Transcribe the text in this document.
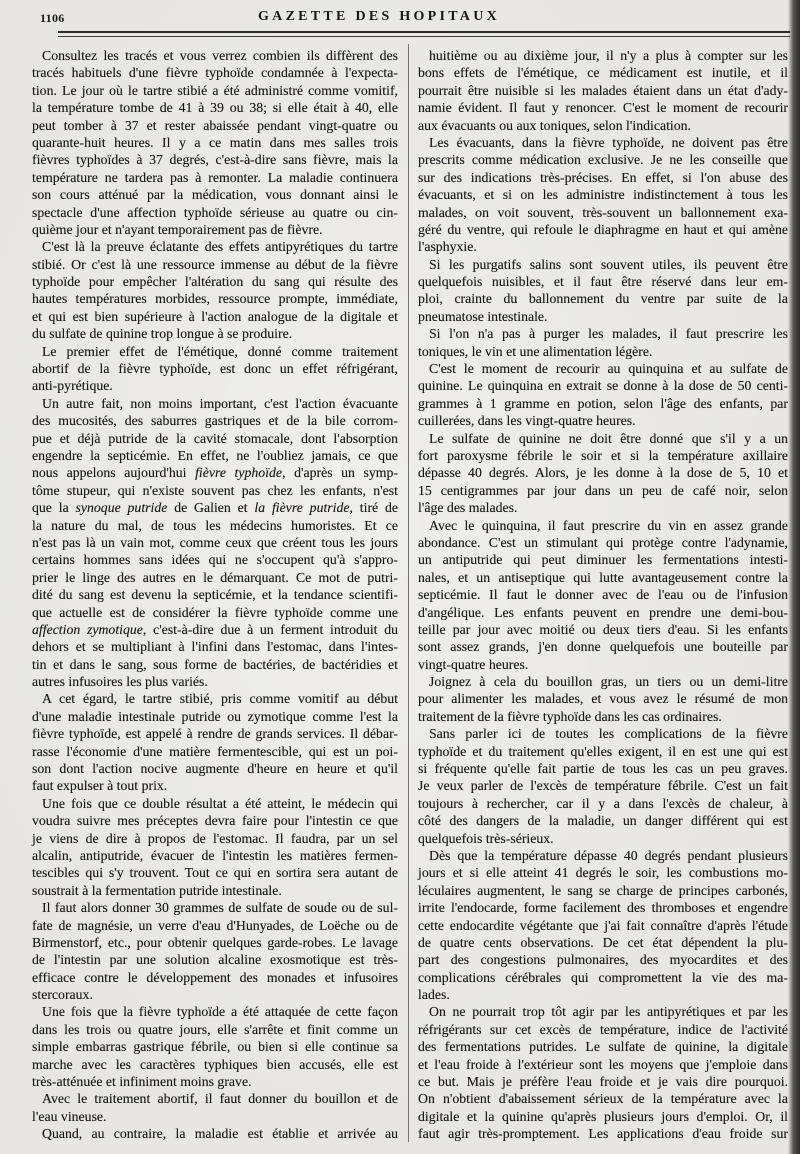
1106	GAZETTE DES HOPITAUX
Consultez les tracés et vous verrez combien ils diffèrent des
tracés habituels d'une fièvre typhoïde condamnée à l'expecta-
tion. Le jour où le tartre stibié a été administré comme vomitif,
la température tombe de 41 à 39 ou 38; si elle était à 40, elle
peut tomber à 37 et rester abaissée pendant vingt-quatre ou
quarante-huit heures. Il y a ce matin dans mes salles trois
fièvres typhoïdes à 37 degrés, c'est-à-dire sans fièvre, mais la
température ne tardera pas à remonter. La maladie continuera
son cours atténué par la médication, vous donnant ainsi le
spectacle d'une affection typhoïde sérieuse au quatre ou cin-
quième jour et n'ayant temporairement pas de fièvre.
C'est là la preuve éclatante des effets antipyrétiques du tartre
stibié. Or c'est là une ressource immense au début de la fièvre
typhoïde pour empêcher l'altération du sang qui résulte des
hautes températures morbides, ressource prompte, immédiate,
et qui est bien supérieure à l'action analogue de la digitale et
du sulfate de quinine trop longue à se produire.
Le premier effet de l'émétique, donné comme traitement
abortif de la fièvre typhoïde, est donc un effet réfrigérant,
anti-pyrétique.
Un autre fait, non moins important, c'est l'action évacuante
des mucosités, des saburres gastriques et de la bile corrom-
pue et déjà putride de la cavité stomacale, dont l'absorption
engendre la septicémie. En effet, ne l'oubliez jamais, ce que
nous appelons aujourd'hui fièvre typhoïde, d'après un symp-
tôme stupeur, qui n'existe souvent pas chez les enfants, n'est
que la synoque putride de Galien et la fièvre putride, tiré de
la nature du mal, de tous les médecins humoristes. Et ce
n'est pas là un vain mot, comme ceux que créent tous les jours
certains hommes sans idées qui ne s'occupent qu'à s'appro-
prier le linge des autres en le démarquant. Ce mot de putri-
dité du sang est devenu la septicémie, et la tendance scientifi-
que actuelle est de considérer la fièvre typhoïde comme une
affection zymotique, c'est-à-dire due à un ferment introduit du
dehors et se multipliant à l'infini dans l'estomac, dans l'intes-
tin et dans le sang, sous forme de bactéries, de bactéridies et
autres infusoires les plus variés.
A cet égard, le tartre stibié, pris comme vomitif au début
d'une maladie intestinale putride ou zymotique comme l'est la
fièvre typhoïde, est appelé à rendre de grands services. Il débar-
rasse l'économie d'une matière fermentescible, qui est un poi-
son dont l'action nocive augmente d'heure en heure et qu'il
faut expulser à tout prix.
Une fois que ce double résultat a été atteint, le médecin qui
voudra suivre mes préceptes devra faire pour l'intestin ce que
je viens de dire à propos de l'estomac. Il faudra, par un sel
alcalin, antiputride, évacuer de l'intestin les matières fermen-
tescibles qui s'y trouvent. Tout ce qui en sortira sera autant de
soustrait à la fermentation putride intestinale.
Il faut alors donner 30 grammes de sulfate de soude ou de sul-
fate de magnésie, un verre d'eau d'Hunyades, de Loëche ou de
Birmenstorf, etc., pour obtenir quelques garde-robes. Le lavage
de l'intestin par une solution alcaline exosmotique est très-
efficace contre le développement des monades et infusoires
stercoraux.
Une fois que la fièvre typhoïde a été attaquée de cette façon
dans les trois ou quatre jours, elle s'arrête et finit comme un
simple embarras gastrique fébrile, ou bien si elle continue sa
marche avec les caractères typhiques bien accusés, elle est
très-atténuée et infiniment moins grave.
Avec le traitement abortif, il faut donner du bouillon et de
l'eau vineuse.
Quand, au contraire, la maladie est établie et arrivée au
huitième ou au dixième jour, il n'y a plus à compter sur les
bons effets de l'émétique, ce médicament est inutile, et il
pourrait être nuisible si les malades étaient dans un état d'ady-
namie évident. Il faut y renoncer. C'est le moment de recourir
aux évacuants ou aux toniques, selon l'indication.
Les évacuants, dans la fièvre typhoïde, ne doivent pas être
prescrits comme médication exclusive. Je ne les conseille que
sur des indications très-précises. En effet, si l'on abuse des
évacuants, et si on les administre indistinctement à tous les
malades, on voit souvent, très-souvent un ballonnement exa-
géré du ventre, qui refoule le diaphragme en haut et qui amène
l'asphyxie.
Si les purgatifs salins sont souvent utiles, ils peuvent être
quelquefois nuisibles, et il faut être réservé dans leur em-
ploi, crainte du ballonnement du ventre par suite de la
pneumatose intestinale.
Si l'on n'a pas à purger les malades, il faut prescrire les
toniques, le vin et une alimentation légère.
C'est le moment de recourir au quinquina et au sulfate de
quinine. Le quinquina en extrait se donne à la dose de 50 centi-
grammes à 1 gramme en potion, selon l'âge des enfants, par
cuillerées, dans les vingt-quatre heures.
Le sulfate de quinine ne doit être donné que s'il y a un
fort paroxysme fébrile le soir et si la température axillaire
dépasse 40 degrés. Alors, je les donne à la dose de 5, 10 et
15 centigrammes par jour dans un peu de café noir, selon
l'âge des malades.
Avec le quinquina, il faut prescrire du vin en assez grande
abondance. C'est un stimulant qui protège contre l'adynamie,
un antiputride qui peut diminuer les fermentations intesti-
nales, et un antiseptique qui lutte avantageusement contre la
septicémie. Il faut le donner avec de l'eau ou de l'infusion
d'angélique. Les enfants peuvent en prendre une demi-bou-
teille par jour avec moitié ou deux tiers d'eau. Si les enfants
sont assez grands, j'en donne quelquefois une bouteille par
vingt-quatre heures.
Joignez à cela du bouillon gras, un tiers ou un demi-litre
pour alimenter les malades, et vous avez le résumé de mon
traitement de la fièvre typhoïde dans les cas ordinaires.
Sans parler ici de toutes les complications de la fièvre
typhoïde et du traitement qu'elles exigent, il en est une qui est
si fréquente qu'elle fait partie de tous les cas un peu graves.
Je veux parler de l'excès de température fébrile. C'est un fait
toujours à rechercher, car il y a dans l'excès de chaleur, à
côté des dangers de la maladie, un danger différent qui est
quelquefois très-sérieux.
Dès que la température dépasse 40 degrés pendant plusieurs
jours et si elle atteint 41 degrés le soir, les combustions mo-
léculaires augmentent, le sang se charge de principes carbonés,
irrite l'endocarde, forme facilement des thromboses et engendre
cette endocardite végétante que j'ai fait connaître d'après l'étude
de quatre cents observations. De cet état dépendent la plu-
part des congestions pulmonaires, des myocardites et des
complications cérébrales qui compromettent la vie des ma-
lades.
On ne pourrait trop tôt agir par les antipyrétiques et par les
réfrigérants sur cet excès de température, indice de l'activité
des fermentations putrides. Le sulfate de quinine, la digitale
et l'eau froide à l'extérieur sont les moyens que j'emploie dans
ce but. Mais je préfère l'eau froide et je vais dire pourquoi.
On n'obtient d'abaissement sérieux de la température avec la
digitale et la quinine qu'après plusieurs jours d'emploi. Or, il
faut agir très-promptement. Les applications d'eau froide sur
